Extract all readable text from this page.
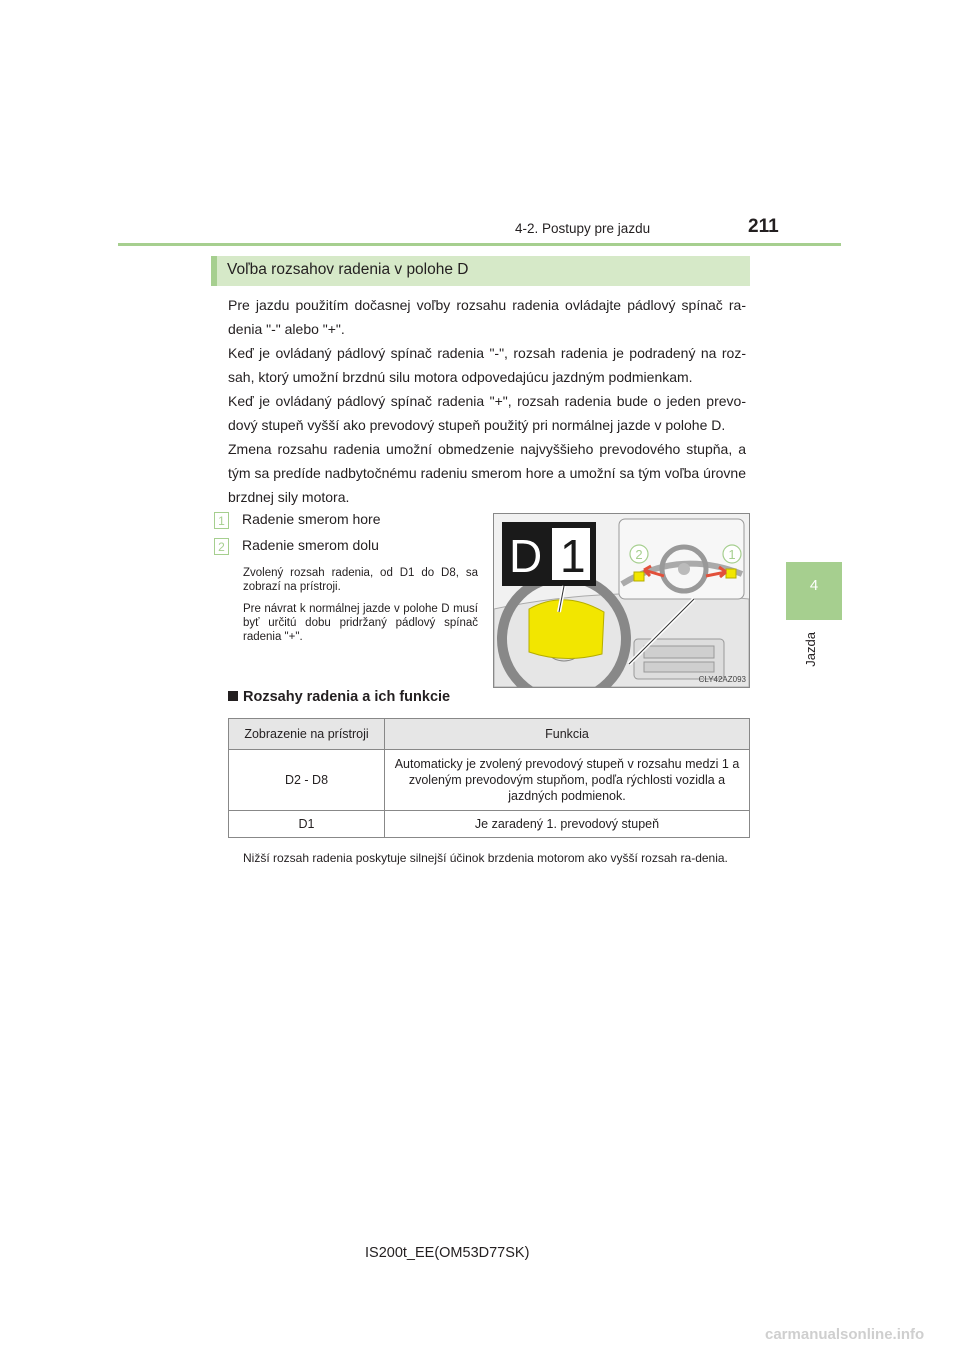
4-2. Postupy pre jazdu	211
4
Jazda
Voľba rozsahov radenia v polohe D
Pre jazdu použitím dočasnej voľby rozsahu radenia ovládajte pádlový spínač ra-denia "-" alebo "+".
Keď je ovládaný pádlový spínač radenia "-", rozsah radenia je podradený na roz-sah, ktorý umožní brzdnú silu motora odpovedajúcu jazdným podmienkam.
Keď je ovládaný pádlový spínač radenia "+", rozsah radenia bude o jeden prevo-dový stupeň vyšší ako prevodový stupeň použitý pri normálnej jazde v polohe D.
Zmena rozsahu radenia umožní obmedzenie najvyššieho prevodového stupňa, a tým sa predíde nadbytočnému radeniu smerom hore a umožní sa tým voľba úrovne brzdnej sily motora.
1 Radenie smerom hore
2 Radenie smerom dolu
Zvolený rozsah radenia, od D1 do D8, sa zobrazí na prístroji.
Pre návrat k normálnej jazde v polohe D musí byť určitú dobu pridržaný pádlový spínač radenia "+".
2	1
D 1
CLY42AZ093
Rozsahy radenia a ich funkcie
Zobrazenie na prístroji	Funkcia
D2 - D8	Automaticky je zvolený prevodový stupeň v rozsahu medzi 1 a zvoleným prevodovým stupňom, podľa rýchlosti vozidla a jazdných podmienok.
D1	Je zaradený 1. prevodový stupeň
Nižší rozsah radenia poskytuje silnejší účinok brzdenia motorom ako vyšší rozsah ra-denia.
IS200t_EE(OM53D77SK)
carmanualsonline.info
